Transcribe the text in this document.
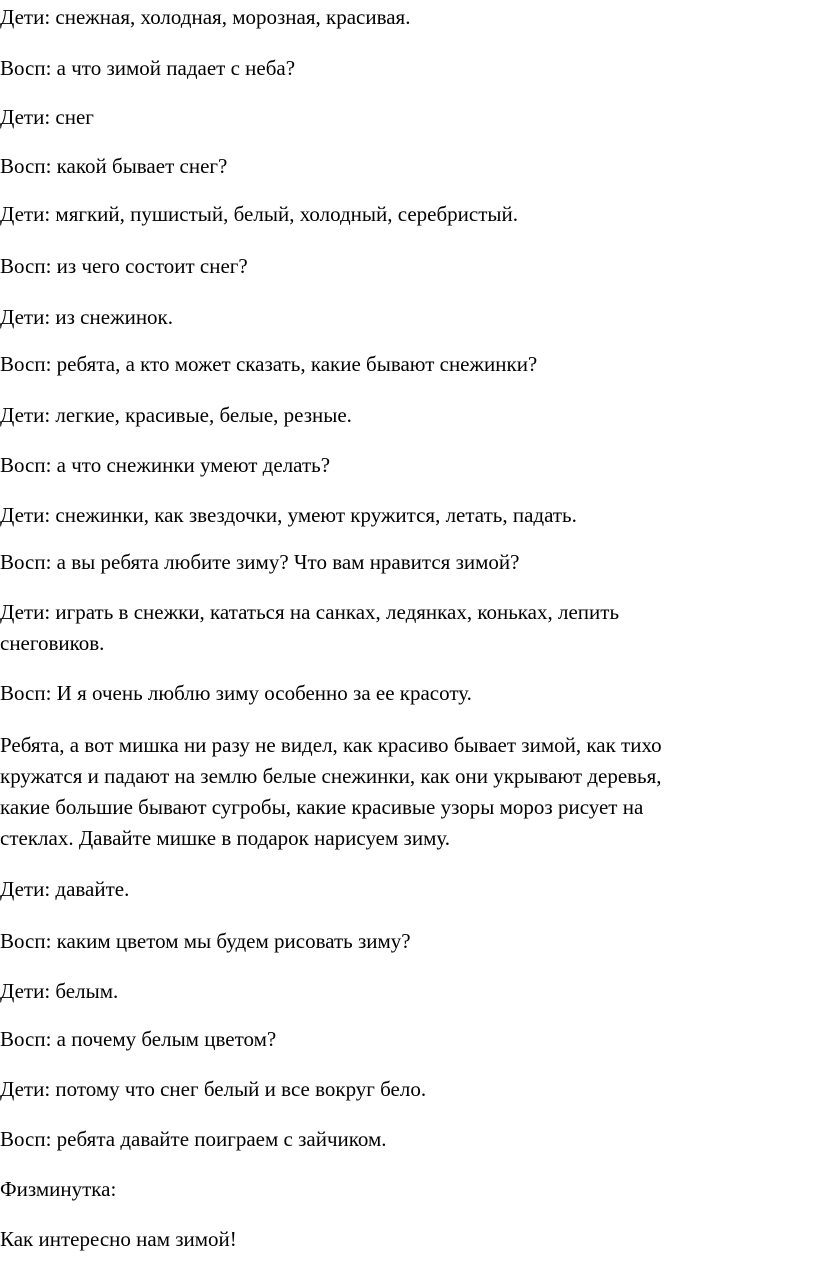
Дети: снежная, холодная, морозная, красивая.

Восп: а что зимой падает с неба?

Дети: снег

Восп: какой бывает снег?

Дети: мягкий, пушистый, белый, холодный, серебристый.

Восп: из чего состоит снег?

Дети: из снежинок.

Восп: ребята, а кто может сказать, какие бывают снежинки?

Дети: легкие, красивые, белые, резные.

Восп: а что снежинки умеют делать?

Дети: снежинки, как звездочки, умеют кружится, летать, падать.

Восп: а вы ребята любите зиму? Что вам нравится зимой?

Дети: играть в снежки, кататься на санках, ледянках, коньках, лепить
снеговиков.

Восп: И я очень люблю зиму особенно за ее красоту.

Ребята, а вот мишка ни разу не видел, как красиво бывает зимой, как тихо
кружатся и падают на землю белые снежинки, как они укрывают деревья,
какие большие бывают сугробы, какие красивые узоры мороз рисует на
стеклах. Давайте мишке в подарок нарисуем зиму.

Дети: давайте.

Восп: каким цветом мы будем рисовать зиму?

Дети: белым.

Восп: а почему белым цветом?

Дети: потому что снег белый и все вокруг бело.

Восп: ребята давайте поиграем с зайчиком.

Физминутка:

Как интересно нам зимой!
